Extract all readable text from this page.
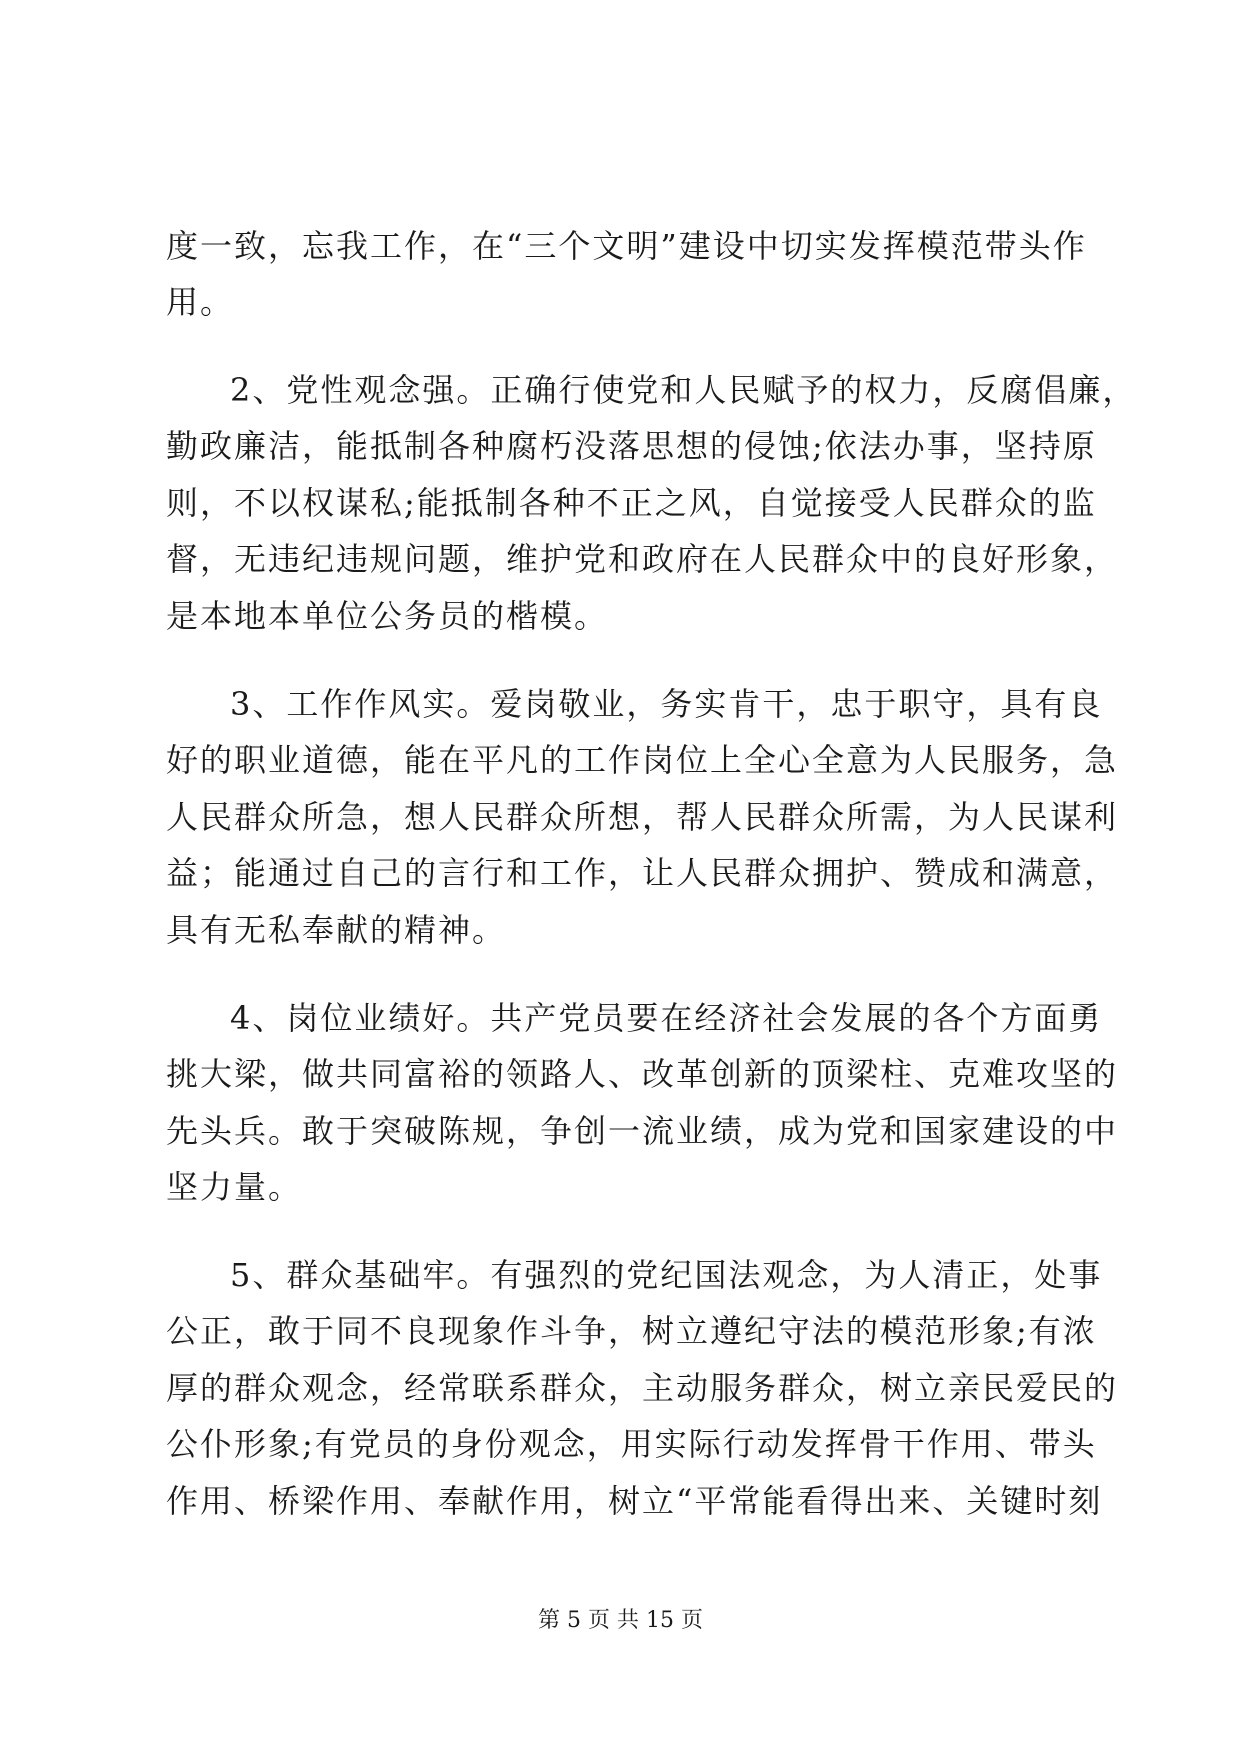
度一致，忘我工作，在“三个文明”建设中切实发挥模范带头作
用。
2、党性观念强。正确行使党和人民赋予的权力，反腐倡廉，
勤政廉洁，能抵制各种腐朽没落思想的侵蚀;依法办事，坚持原
则，不以权谋私;能抵制各种不正之风，自觉接受人民群众的监
督，无违纪违规问题，维护党和政府在人民群众中的良好形象，
是本地本单位公务员的楷模。
3、工作作风实。爱岗敬业，务实肯干，忠于职守，具有良
好的职业道德，能在平凡的工作岗位上全心全意为人民服务，急
人民群众所急，想人民群众所想，帮人民群众所需，为人民谋利
益；能通过自己的言行和工作，让人民群众拥护、赞成和满意，
具有无私奉献的精神。
4、岗位业绩好。共产党员要在经济社会发展的各个方面勇
挑大梁，做共同富裕的领路人、改革创新的顶梁柱、克难攻坚的
先头兵。敢于突破陈规，争创一流业绩，成为党和国家建设的中
坚力量。
5、群众基础牢。有强烈的党纪国法观念，为人清正，处事
公正，敢于同不良现象作斗争，树立遵纪守法的模范形象;有浓
厚的群众观念，经常联系群众，主动服务群众，树立亲民爱民的
公仆形象;有党员的身份观念，用实际行动发挥骨干作用、带头
作用、桥梁作用、奉献作用，树立“平常能看得出来、关键时刻
第 5 页 共 15 页
